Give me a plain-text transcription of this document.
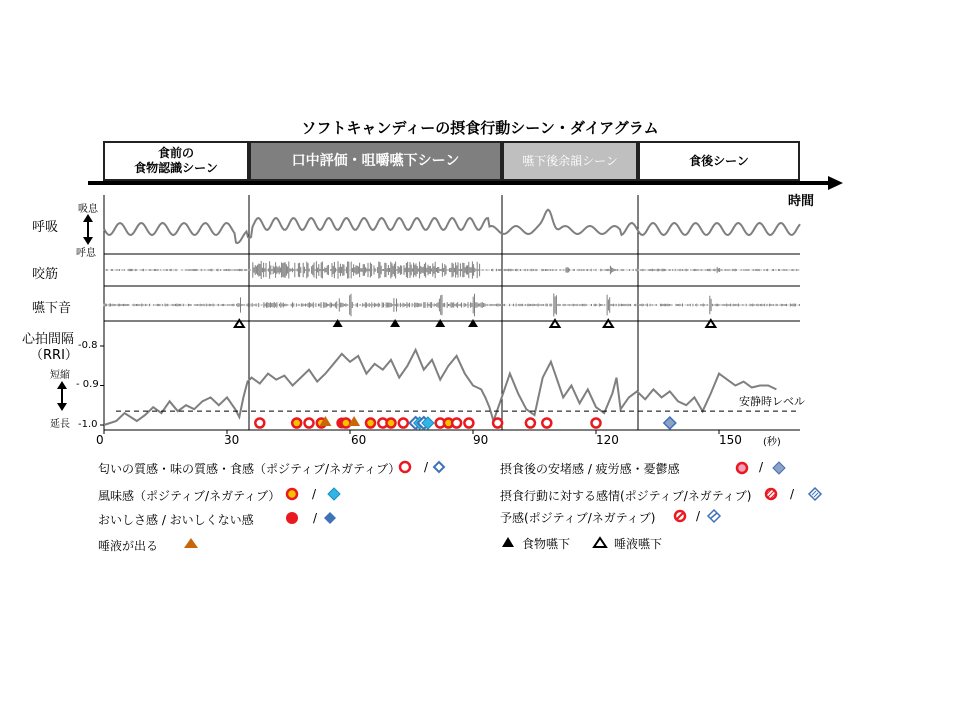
ソフトキャンディーの摂食行動シーン・ダイアグラム
食前の
食物認識シーン	口中評価・咀嚼嚥下シーン	嚥下後余韻シーン	食後シーン
時間
呼吸
吸息
呼息
咬筋
嚥下音
心拍間隔
（RRI）
短縮
延長
-0.8
- 0.9
-1.0
0	30	60	90	120	150 (秒)
安静時レベル
匂いの質感・味の質感・食感（ポジティブ/ネガティブ） /
風味感（ポジティブ/ネガティブ）	/
おいしさ感 / おいしくない感	/
唾液が出る
摂食後の安堵感 / 疲労感・憂鬱感	/
摂食行動に対する感情(ポジティブ/ネガティブ)	/
予感(ポジティブ/ネガティブ)	/
食物嚥下	唾液嚥下
